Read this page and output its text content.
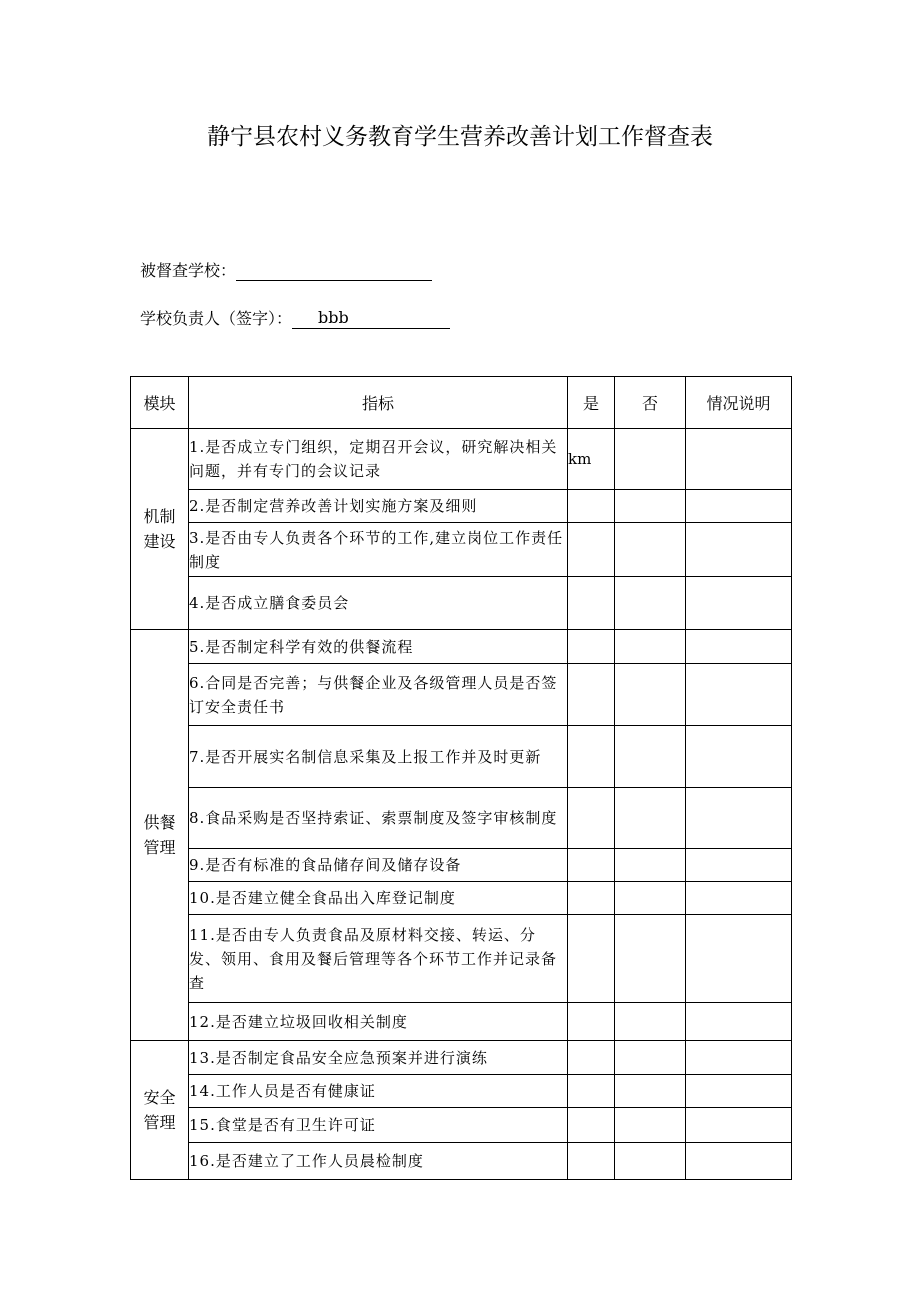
静宁县农村义务教育学生营养改善计划工作督查表
被督查学校：
学校负责人（签字）：	bbb
模块	指标	是	否	情况说明
机制
建设	1.是否成立专门组织，定期召开会议，研究解决相关问题，并有专门的会议记录	km		
	2.是否制定营养改善计划实施方案及细则			
	3.是否由专人负责各个环节的工作,建立岗位工作责任制度			
	4.是否成立膳食委员会			
供餐
管理	5.是否制定科学有效的供餐流程			
	6.合同是否完善；与供餐企业及各级管理人员是否签订安全责任书			
	7.是否开展实名制信息采集及上报工作并及时更新			
	8.食品采购是否坚持索证、索票制度及签字审核制度			
	9.是否有标准的食品储存间及储存设备			
	10.是否建立健全食品出入库登记制度			
	11.是否由专人负责食品及原材料交接、转运、分发、领用、食用及餐后管理等各个环节工作并记录备查			
	12.是否建立垃圾回收相关制度			
安全
管理	13.是否制定食品安全应急预案并进行演练			
	14.工作人员是否有健康证			
	15.食堂是否有卫生许可证			
	16.是否建立了工作人员晨检制度			
